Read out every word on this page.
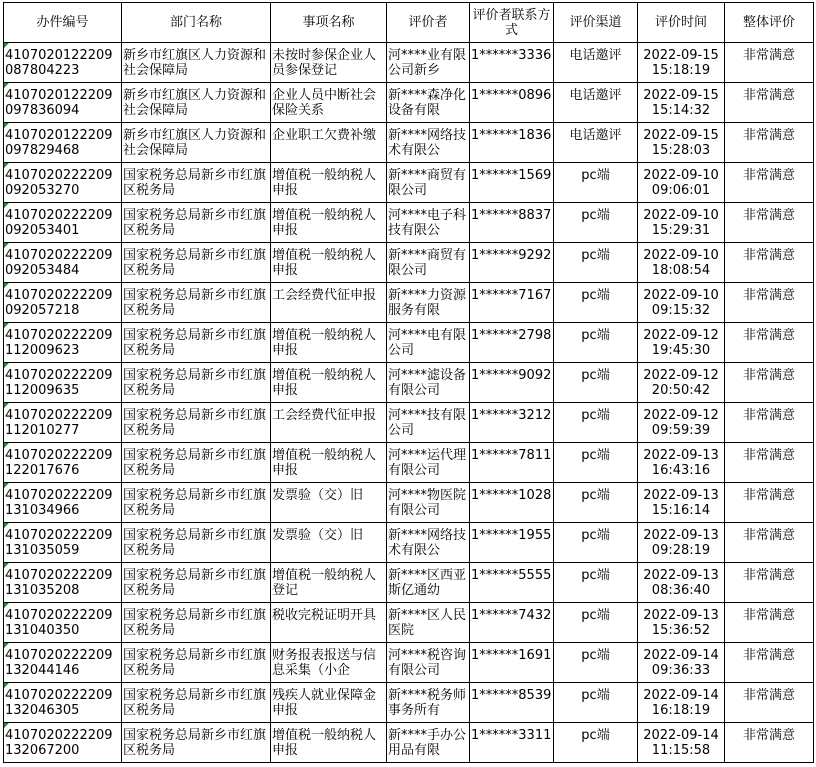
办件编号	部门名称	事项名称	评价者	评价者联系方式	评价渠道	评价时间	整体评价

4107020122209087804223	新乡市红旗区人力资源和社会保障局	未按时参保企业人员参保登记	河****业有限公司新乡	1******3336	电话邀评	2022-09-15 15:18:19	非常满意

4107020122209097836094	新乡市红旗区人力资源和社会保障局	企业人员中断社会保险关系	新****森净化设备有限	1******0896	电话邀评	2022-09-15 15:14:32	非常满意

4107020122209097829468	新乡市红旗区人力资源和社会保障局	企业职工欠费补缴	新****网络技术有限公	1******1836	电话邀评	2022-09-15 15:28:03	非常满意

4107020222209092053270	国家税务总局新乡市红旗区税务局	增值税一般纳税人申报	新****商贸有限公司	1******1569	pc端	2022-09-10 09:06:01	非常满意

4107020222209092053401	国家税务总局新乡市红旗区税务局	增值税一般纳税人申报	河****电子科技有限公	1******8837	pc端	2022-09-10 15:29:31	非常满意

4107020222209092053484	国家税务总局新乡市红旗区税务局	增值税一般纳税人申报	新****商贸有限公司	1******9292	pc端	2022-09-10 18:08:54	非常满意

4107020222209092057218	国家税务总局新乡市红旗区税务局	工会经费代征申报	新****力资源服务有限	1******7167	pc端	2022-09-10 09:15:32	非常满意

4107020222209112009623	国家税务总局新乡市红旗区税务局	增值税一般纳税人申报	河****电有限公司	1******2798	pc端	2022-09-12 19:45:30	非常满意

4107020222209112009635	国家税务总局新乡市红旗区税务局	增值税一般纳税人申报	河****滤设备有限公司	1******9092	pc端	2022-09-12 20:50:42	非常满意

4107020222209112010277	国家税务总局新乡市红旗区税务局	工会经费代征申报	河****技有限公司	1******3212	pc端	2022-09-12 09:59:39	非常满意

4107020222209122017676	国家税务总局新乡市红旗区税务局	增值税一般纳税人申报	河****运代理有限公司	1******7811	pc端	2022-09-13 16:43:16	非常满意

4107020222209131034966	国家税务总局新乡市红旗区税务局	发票验（交）旧	河****物医院有限公司	1******1028	pc端	2022-09-13 15:16:14	非常满意

4107020222209131035059	国家税务总局新乡市红旗区税务局	发票验（交）旧	新****网络技术有限公	1******1955	pc端	2022-09-13 09:28:19	非常满意

4107020222209131035208	国家税务总局新乡市红旗区税务局	增值税一般纳税人登记	新****区西亚斯亿通幼	1******5555	pc端	2022-09-13 08:36:40	非常满意

4107020222209131040350	国家税务总局新乡市红旗区税务局	税收完税证明开具	新****区人民医院	1******7432	pc端	2022-09-13 15:36:52	非常满意

4107020222209132044146	国家税务总局新乡市红旗区税务局	财务报表报送与信息采集（小企	河****税咨询有限公司	1******1691	pc端	2022-09-14 09:36:33	非常满意

4107020222209132046305	国家税务总局新乡市红旗区税务局	残疾人就业保障金申报	新****税务师事务所有	1******8539	pc端	2022-09-14 16:18:19	非常满意

4107020222209132067200	国家税务总局新乡市红旗区税务局	增值税一般纳税人申报	新****手办公用品有限	1******3311	pc端	2022-09-14 11:15:58	非常满意
